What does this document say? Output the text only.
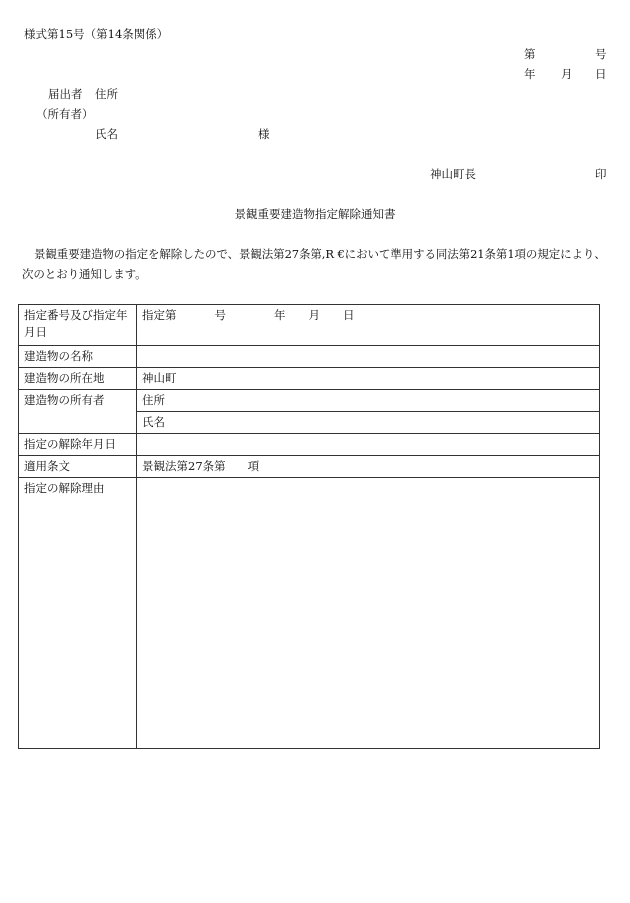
様式第15号（第14条関係）
第	号
年 月 日
届出者 住所
（所有者）
氏名	様
神山町長	印
景観重要建造物指定解除通知書
景観重要建造物の指定を解除したので、景観法第27条第,R €において準用する同法第21条第1項の規定により、次のとおり通知します。
指定番号及び指定年月日	指定第 号 年 月 日
建造物の名称	
建造物の所在地	神山町
建造物の所有者	住所
	氏名
指定の解除年月日	
適用条文	景観法第27条第 項
指定の解除理由	
